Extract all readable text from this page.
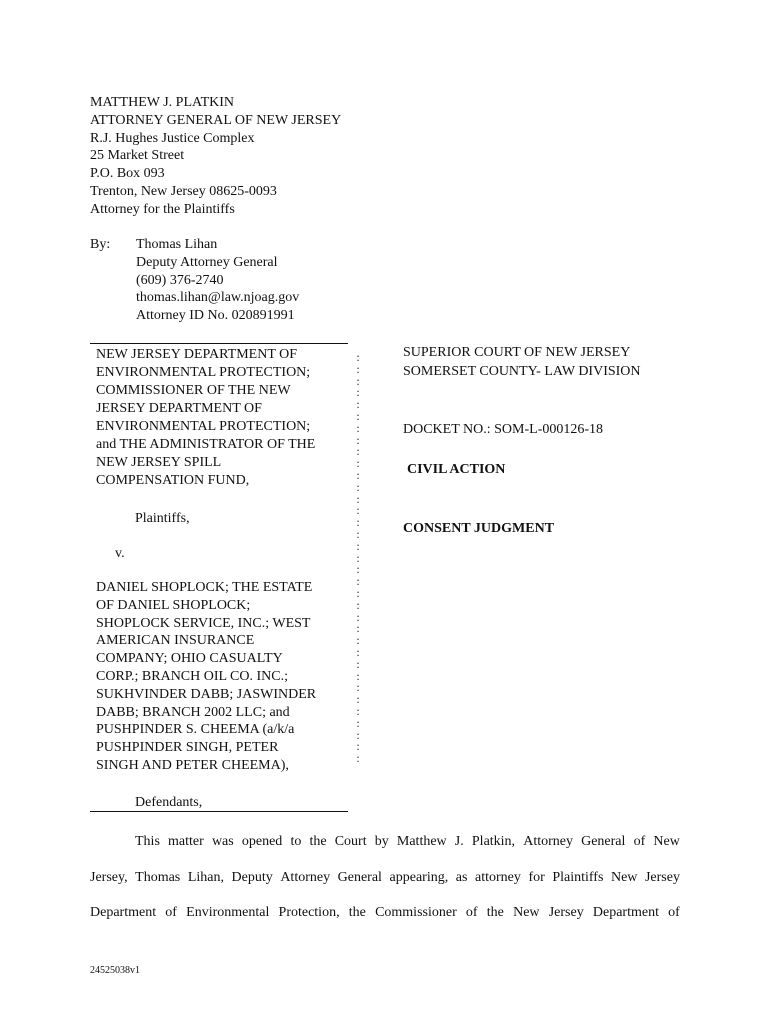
MATTHEW J. PLATKIN
ATTORNEY GENERAL OF NEW JERSEY
R.J. Hughes Justice Complex
25 Market Street
P.O. Box 093
Trenton, New Jersey 08625-0093
Attorney for the Plaintiffs
By: Thomas Lihan
Deputy Attorney General
(609) 376-2740
thomas.lihan@law.njoag.gov
Attorney ID No. 020891991
NEW JERSEY DEPARTMENT OF
ENVIRONMENTAL PROTECTION;
COMMISSIONER OF THE NEW
JERSEY DEPARTMENT OF
ENVIRONMENTAL PROTECTION;
and THE ADMINISTRATOR OF THE
NEW JERSEY SPILL
COMPENSATION FUND,
Plaintiffs,
v.
DANIEL SHOPLOCK; THE ESTATE
OF DANIEL SHOPLOCK;
SHOPLOCK SERVICE, INC.; WEST
AMERICAN INSURANCE
COMPANY; OHIO CASUALTY
CORP.; BRANCH OIL CO. INC.;
SUKHVINDER DABB; JASWINDER
DABB; BRANCH 2002 LLC; and
PUSHPINDER S. CHEEMA (a/k/a
PUSHPINDER SINGH, PETER
SINGH AND PETER CHEEMA),
Defendants,
:
:
:
:
:
:
:
:
:
:
:
:
:
:
:
:
:
:
:
:
:
:
:
:
:
:
:
:
:
:
:
:
:
:
:
SUPERIOR COURT OF NEW JERSEY
SOMERSET COUNTY- LAW DIVISION
DOCKET NO.: SOM-L-000126-18
CIVIL ACTION
CONSENT JUDGMENT
This matter was opened to the Court by Matthew J. Platkin, Attorney General of New
Jersey, Thomas Lihan, Deputy Attorney General appearing, as attorney for Plaintiffs New Jersey
Department of Environmental Protection, the Commissioner of the New Jersey Department of
24525038v1
